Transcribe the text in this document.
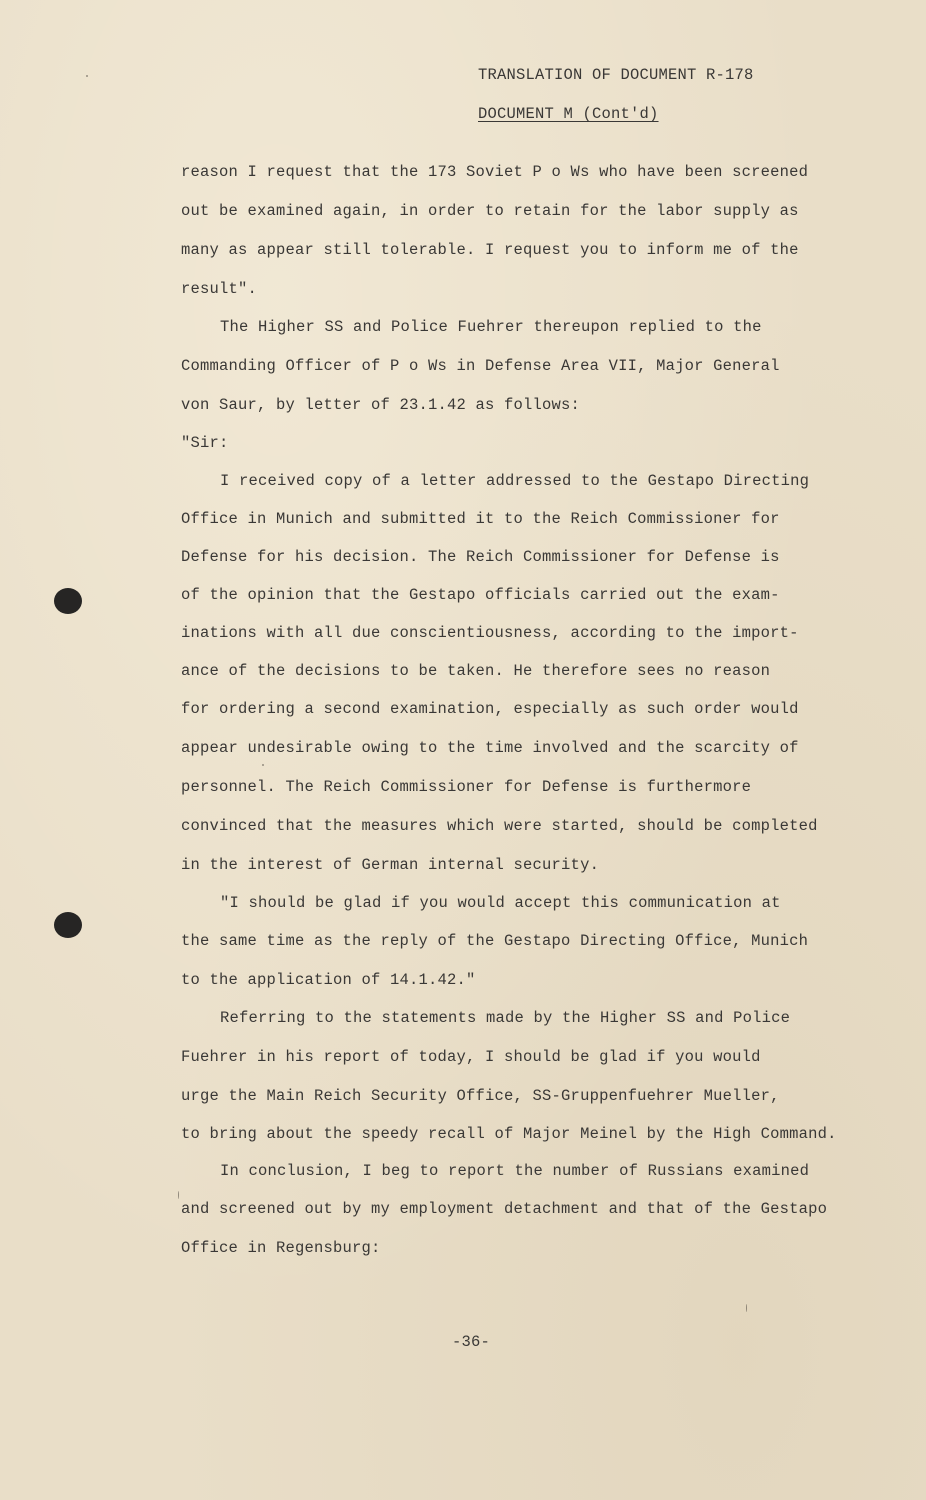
TRANSLATION OF DOCUMENT R-178
DOCUMENT M (Cont'd)
reason I request that the 173 Soviet P o Ws who have been screened
out be examined again, in order to retain for the labor supply as
many as appear still tolerable. I request you to inform me of the
result".
The Higher SS and Police Fuehrer thereupon replied to the
Commanding Officer of P o Ws in Defense Area VII, Major General
von Saur, by letter of 23.1.42 as follows:
"Sir:
I received copy of a letter addressed to the Gestapo Directing
Office in Munich and submitted it to the Reich Commissioner for
Defense for his decision. The Reich Commissioner for Defense is
of the opinion that the Gestapo officials carried out the exam-
inations with all due conscientiousness, according to the import-
ance of the decisions to be taken. He therefore sees no reason
for ordering a second examination, especially as such order would
appear undesirable owing to the time involved and the scarcity of
personnel. The Reich Commissioner for Defense is furthermore
convinced that the measures which were started, should be completed
in the interest of German internal security.
"I should be glad if you would accept this communication at
the same time as the reply of the Gestapo Directing Office, Munich
to the application of 14.1.42."
Referring to the statements made by the Higher SS and Police
Fuehrer in his report of today, I should be glad if you would
urge the Main Reich Security Office, SS-Gruppenfuehrer Mueller,
to bring about the speedy recall of Major Meinel by the High Command.
In conclusion, I beg to report the number of Russians examined
and screened out by my employment detachment and that of the Gestapo
Office in Regensburg:
-36-
